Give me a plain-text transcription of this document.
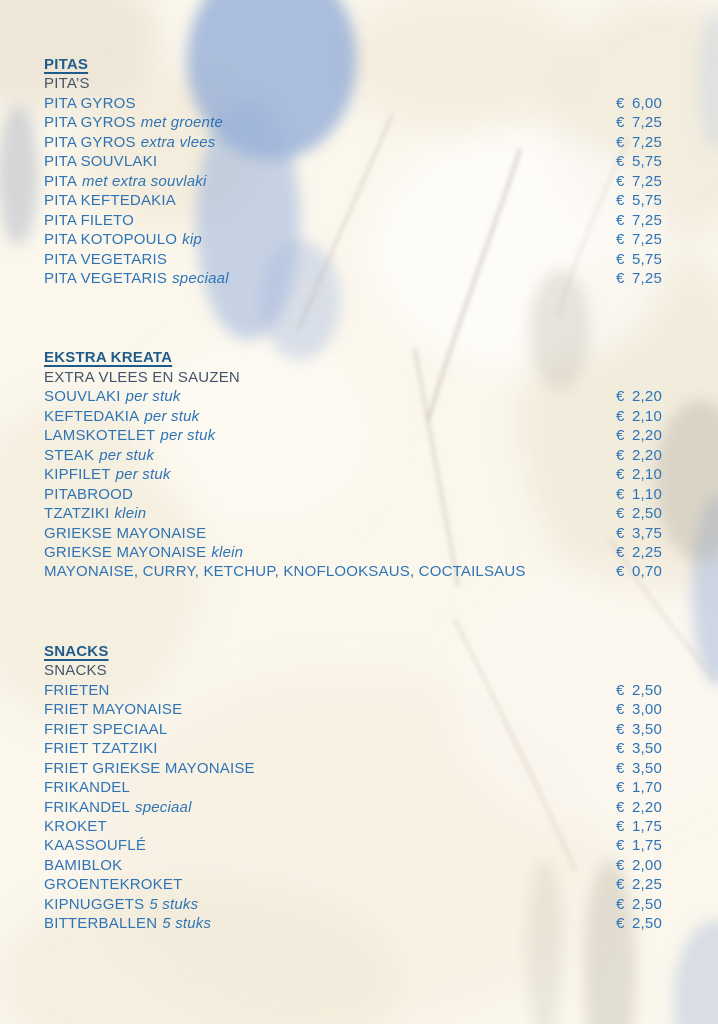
PITAS
PITA’S
PITA GYROS	€ 6,00
PITA GYROS met groente	€ 7,25
PITA GYROS extra vlees	€ 7,25
PITA SOUVLAKI	€ 5,75
PITA met extra souvlaki	€ 7,25
PITA KEFTEDAKIA	€ 5,75
PITA FILETO	€ 7,25
PITA KOTOPOULO kip	€ 7,25
PITA VEGETARIS	€ 5,75
PITA VEGETARIS speciaal	€ 7,25
EKSTRA KREATA
EXTRA VLEES EN SAUZEN
SOUVLAKI per stuk	€ 2,20
KEFTEDAKIA per stuk	€ 2,10
LAMSKOTELET per stuk	€ 2,20
STEAK per stuk	€ 2,20
KIPFILET per stuk	€ 2,10
PITABROOD	€ 1,10
TZATZIKI klein	€ 2,50
GRIEKSE MAYONAISE	€ 3,75
GRIEKSE MAYONAISE klein	€ 2,25
MAYONAISE, CURRY, KETCHUP, KNOFLOOKSAUS, COCTAILSAUS	€ 0,70
SNACKS
SNACKS
FRIETEN	€ 2,50
FRIET MAYONAISE	€ 3,00
FRIET SPECIAAL	€ 3,50
FRIET TZATZIKI	€ 3,50
FRIET GRIEKSE MAYONAISE	€ 3,50
FRIKANDEL	€ 1,70
FRIKANDEL speciaal	€ 2,20
KROKET	€ 1,75
KAASSOUFLÉ	€ 1,75
BAMIBLOK	€ 2,00
GROENTEKROKET	€ 2,25
KIPNUGGETS 5 stuks	€ 2,50
BITTERBALLEN 5 stuks	€ 2,50
